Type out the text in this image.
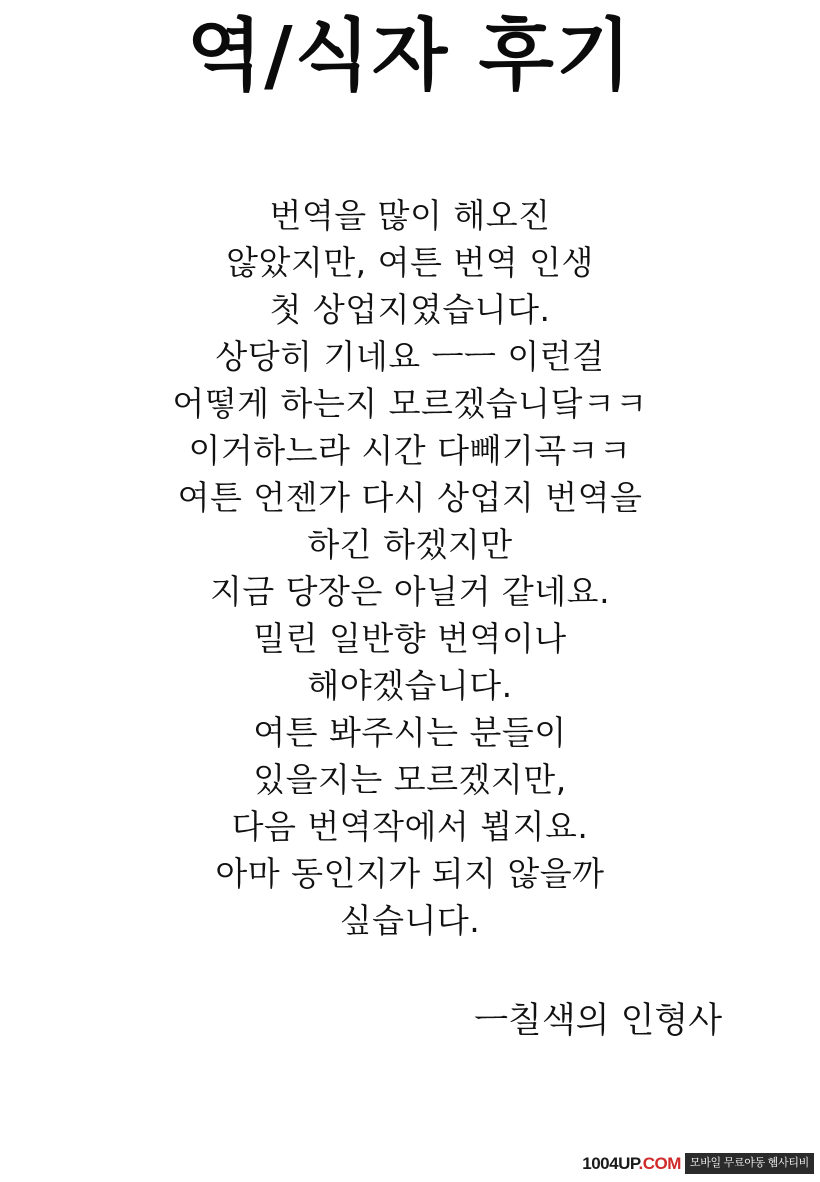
역/식자 후기
번역을 많이 해오진
않았지만, 여튼 번역 인생
첫 상업지였습니다.
상당히 기네요 ㅡㅡ 이런걸
어떻게 하는지 모르겠습니닼ㅋㅋ
이거하느라 시간 다빼기곡ㅋㅋ
여튼 언젠가 다시 상업지 번역을
하긴 하겠지만
지금 당장은 아닐거 같네요.
밀린 일반향 번역이나
해야겠습니다.
여튼 봐주시는 분들이
있을지는 모르겠지만,
다음 번역작에서 뵙지요.
아마 동인지가 되지 않을까
싶습니다.
ㅡ칠색의 인형사
1004UP.COM 모바일 무료야동 혬사티비
